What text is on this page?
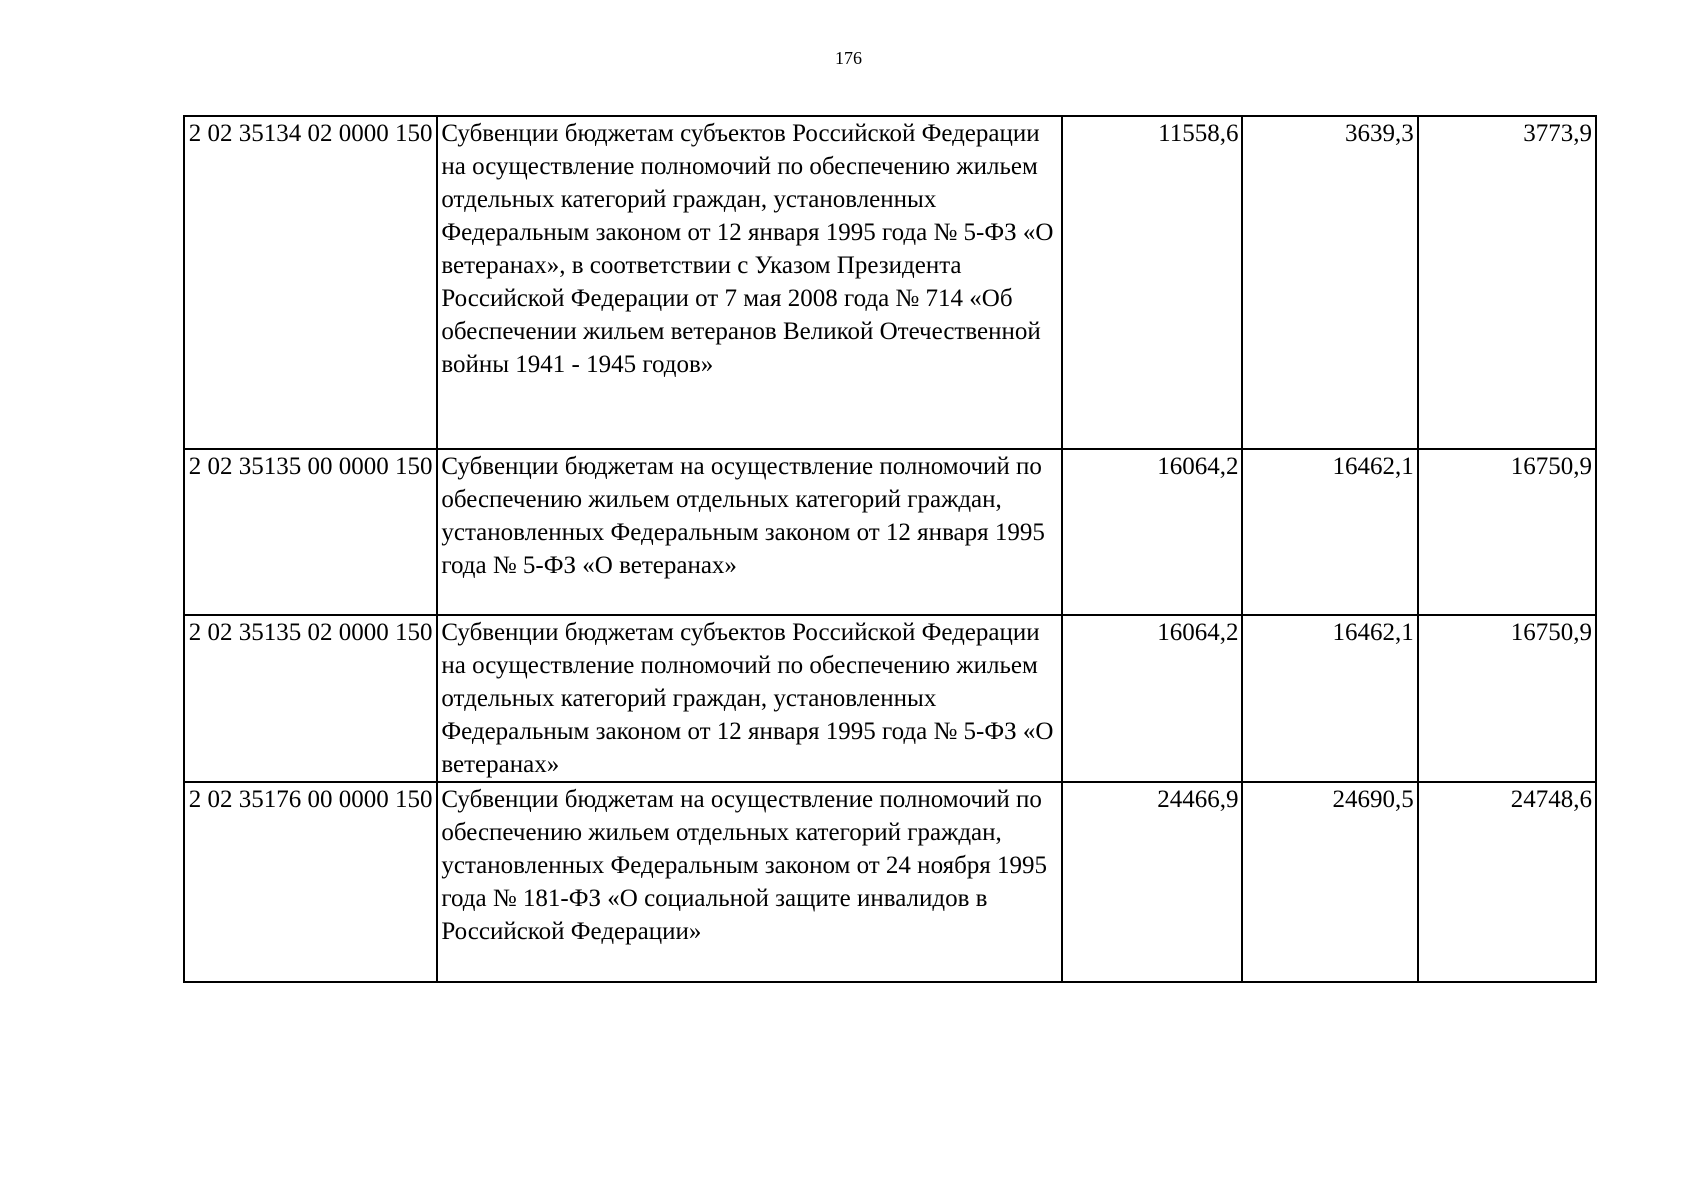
176
2 02 35134 02 0000 150	Субвенции бюджетам субъектов Российской Федерации на осуществление полномочий по обеспечению жильем отдельных категорий граждан, установленных Федеральным законом от 12 января 1995 года № 5-ФЗ «О ветеранах», в соответствии с Указом Президента Российской Федерации от 7 мая 2008 года № 714 «Об обеспечении жильем ветеранов Великой Отечественной войны 1941 - 1945 годов»	11558,6	3639,3	3773,9
2 02 35135 00 0000 150	Субвенции бюджетам на осуществление полномочий по обеспечению жильем отдельных категорий граждан, установленных Федеральным законом от 12 января 1995 года № 5-ФЗ «О ветеранах»	16064,2	16462,1	16750,9
2 02 35135 02 0000 150	Субвенции бюджетам субъектов Российской Федерации на осуществление полномочий по обеспечению жильем отдельных категорий граждан, установленных Федеральным законом от 12 января 1995 года № 5-ФЗ «О ветеранах»	16064,2	16462,1	16750,9
2 02 35176 00 0000 150	Субвенции бюджетам на осуществление полномочий по обеспечению жильем отдельных категорий граждан, установленных Федеральным законом от 24 ноября 1995 года № 181-ФЗ «О социальной защите инвалидов в Российской Федерации»	24466,9	24690,5	24748,6
